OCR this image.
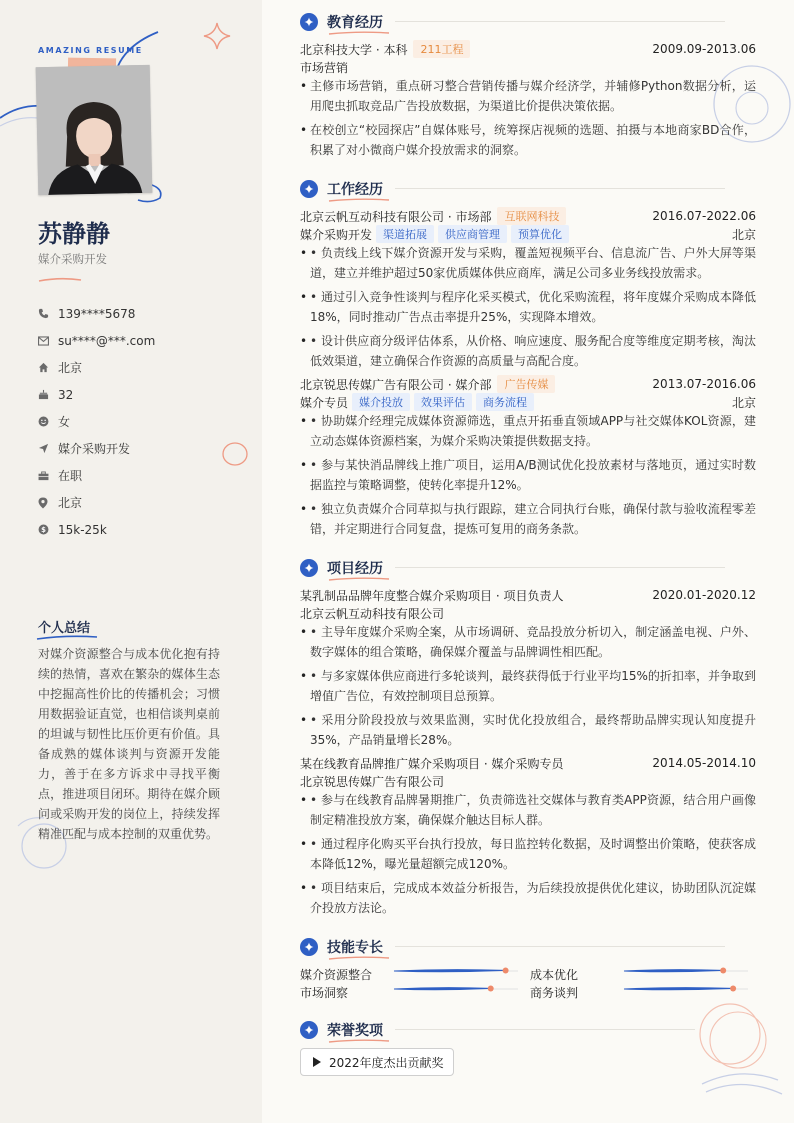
AMAZING RESUME
苏静静
媒介采购开发
139****5678
su****@***.com
北京
32
女
媒介采购开发
在职
北京
$ 15k-25k
个人总结
对媒介资源整合与成本优化抱有持续的热情，喜欢在繁杂的媒体生态中挖掘高性价比的传播机会；习惯用数据验证直觉，也相信谈判桌前的坦诚与韧性比压价更有价值。具备成熟的媒体谈判与资源开发能力，善于在多方诉求中寻找平衡点，推进项目闭环。期待在媒介顾问或采购开发的岗位上，持续发挥精准匹配与成本控制的双重优势。
教育经历
北京科技大学 · 本科	211工程	2009.09-2013.06
市场营销
• 主修市场营销，重点研习整合营销传播与媒介经济学，并辅修Python数据分析，运用爬虫抓取竞品广告投放数据，为渠道比价提供决策依据。
• 在校创立“校园探店”自媒体账号，统筹探店视频的选题、拍摄与本地商家BD合作，积累了对小微商户媒介投放需求的洞察。
工作经历
北京云帆互动科技有限公司 · 市场部	互联网科技	2016.07-2022.06
媒介采购开发	渠道拓展	供应商管理	预算优化	北京
• • 负责线上线下媒介资源开发与采购，覆盖短视频平台、信息流广告、户外大屏等渠道，建立并维护超过50家优质媒体供应商库，满足公司多业务线投放需求。
• • 通过引入竞争性谈判与程序化采买模式，优化采购流程，将年度媒介采购成本降低18%，同时推动广告点击率提升25%，实现降本增效。
• • 设计供应商分级评估体系，从价格、响应速度、服务配合度等维度定期考核，淘汰低效渠道，建立确保合作资源的高质量与高配合度。
北京锐思传媒广告有限公司 · 媒介部	广告传媒	2013.07-2016.06
媒介专员	媒介投放	效果评估	商务流程	北京
• • 协助媒介经理完成媒体资源筛选，重点开拓垂直领域APP与社交媒体KOL资源，建立动态媒体资源档案，为媒介采购决策提供数据支持。
• • 参与某快消品牌线上推广项目，运用A/B测试优化投放素材与落地页，通过实时数据监控与策略调整，使转化率提升12%。
• • 独立负责媒介合同草拟与执行跟踪，建立合同执行台账，确保付款与验收流程零差错，并定期进行合同复盘，提炼可复用的商务条款。
项目经历
某乳制品品牌年度整合媒介采购项目 · 项目负责人	2020.01-2020.12
北京云帆互动科技有限公司
• • 主导年度媒介采购全案，从市场调研、竞品投放分析切入，制定涵盖电视、户外、数字媒体的组合策略，确保媒介覆盖与品牌调性相匹配。
• • 与多家媒体供应商进行多轮谈判，最终获得低于行业平均15%的折扣率，并争取到增值广告位，有效控制项目总预算。
• • 采用分阶段投放与效果监测，实时优化投放组合，最终帮助品牌实现认知度提升35%，产品销量增长28%。
某在线教育品牌推广媒介采购项目 · 媒介采购专员	2014.05-2014.10
北京锐思传媒广告有限公司
• • 参与在线教育品牌暑期推广，负责筛选社交媒体与教育类APP资源，结合用户画像制定精准投放方案，确保媒介触达目标人群。
• • 通过程序化购买平台执行投放，每日监控转化数据，及时调整出价策略，使获客成本降低12%，曝光量超额完成120%。
• • 项目结束后，完成成本效益分析报告，为后续投放提供优化建议，协助团队沉淀媒介投放方法论。
技能专长
媒介资源整合	成本优化
市场洞察	商务谈判
荣誉奖项
2022年度杰出贡献奖
